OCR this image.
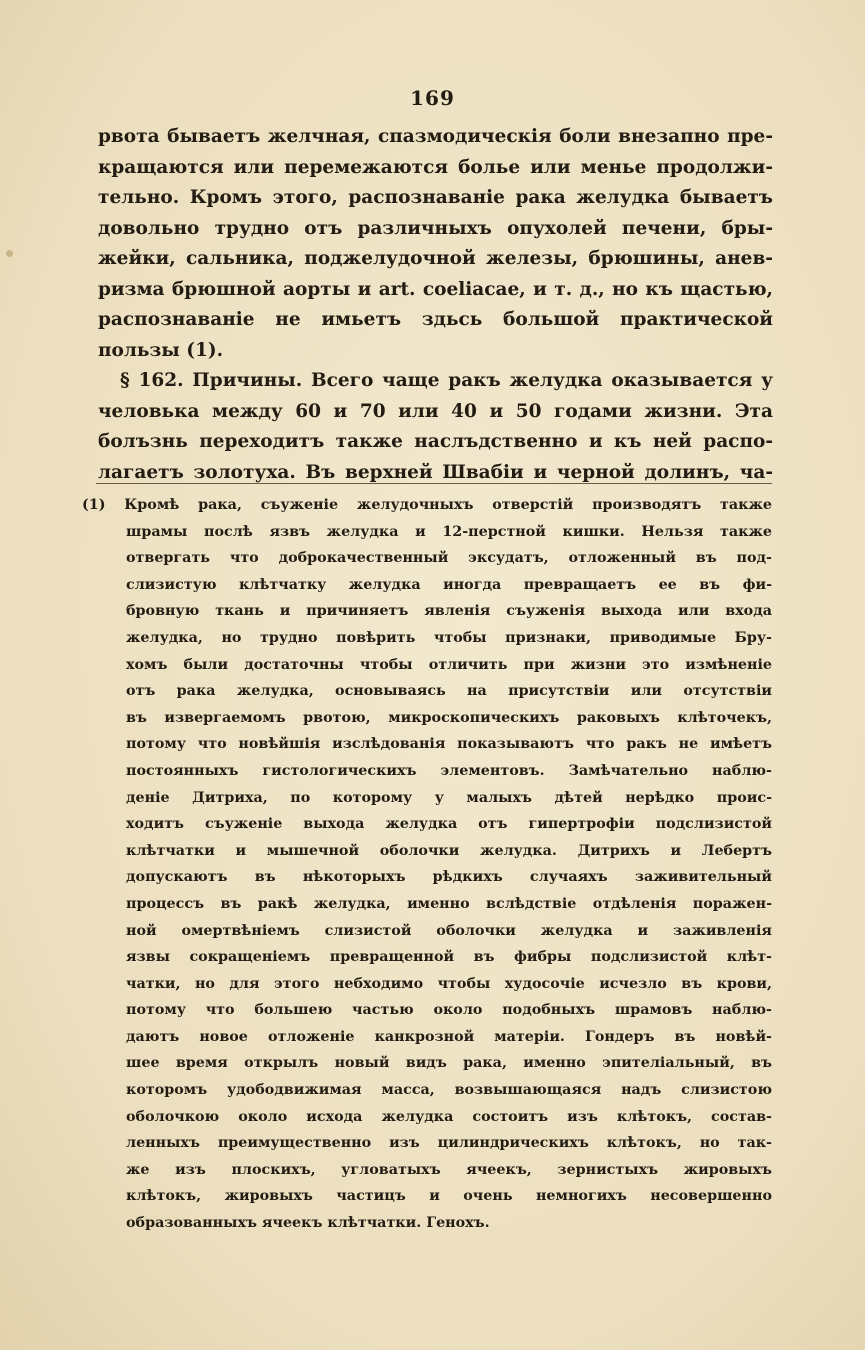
169
рвота бываетъ желчная, спазмодическія боли внезапно пре-
кращаются или перемежаются болье или менье продолжи-
тельно. Кромъ этого, распознаваніе рака желудка бываетъ
довольно трудно отъ различныхъ опухолей печени, бры-
жейки, сальника, поджелудочной железы, брюшины, анев-
ризма брюшной аорты и art. coeliacae, и т. д., но къ щастью,
распознаваніе не имьетъ здьсь большой практической
пользы (1).
§ 162. Причины. Всего чаще ракъ желудка оказывается у
человька между 60 и 70 или 40 и 50 годами жизни. Эта
болъзнь переходитъ также наслъдственно и къ ней распо-
лагаетъ золотуха. Въ верхней Швабіи и черной долинъ, ча-
(1) Кромѣ рака, съуженіе желудочныхъ отверстій производятъ также
шрамы послѣ язвъ желудка и 12-перстной кишки. Нельзя также
отвергать что доброкачественный эксудатъ, отложенный въ под-
слизистую клѣтчатку желудка иногда превращаетъ ее въ фи-
бровную ткань и причиняетъ явленія съуженія выхода или входа
желудка, но трудно повѣрить чтобы признаки, приводимые Бру-
хомъ были достаточны чтобы отличить при жизни это измѣненіе
отъ рака желудка, основываясь на присутствіи или отсутствіи
въ извергаемомъ рвотою, микроскопическихъ раковыхъ клѣточекъ,
потому что новѣйшія изслѣдованія показываютъ что ракъ не имѣетъ
постоянныхъ гистологическихъ элементовъ. Замѣчательно наблю-
деніе Дитриха, по которому у малыхъ дѣтей нерѣдко проис-
ходитъ съуженіе выхода желудка отъ гипертрофіи подслизистой
клѣтчатки и мышечной оболочки желудка. Дитрихъ и Лебертъ
допускаютъ въ нѣкоторыхъ рѣдкихъ случаяхъ заживительный
процессъ въ ракѣ желудка, именно вслѣдствіе отдѣленія поражен-
ной омертвѣніемъ слизистой оболочки желудка и заживленія
язвы сокращеніемъ превращенной въ фибры подслизистой клѣт-
чатки, но для этого небходимо чтобы худосочіе исчезло въ крови,
потому что большею частью около подобныхъ шрамовъ наблю-
даютъ новое отложеніе канкрозной матеріи. Гондеръ въ новѣй-
шее время открылъ новый видъ рака, именно эпителіальный, въ
которомъ удободвижимая масса, возвышающаяся надъ слизистою
оболочкою около исхода желудка состоитъ изъ клѣтокъ, состав-
ленныхъ преимущественно изъ цилиндрическихъ клѣтокъ, но так-
же изъ плоскихъ, угловатыхъ ячеекъ, зернистыхъ жировыхъ
клѣтокъ, жировыхъ частицъ и очень немногихъ несовершенно
образованныхъ ячеекъ клѣтчатки. Генохъ.
